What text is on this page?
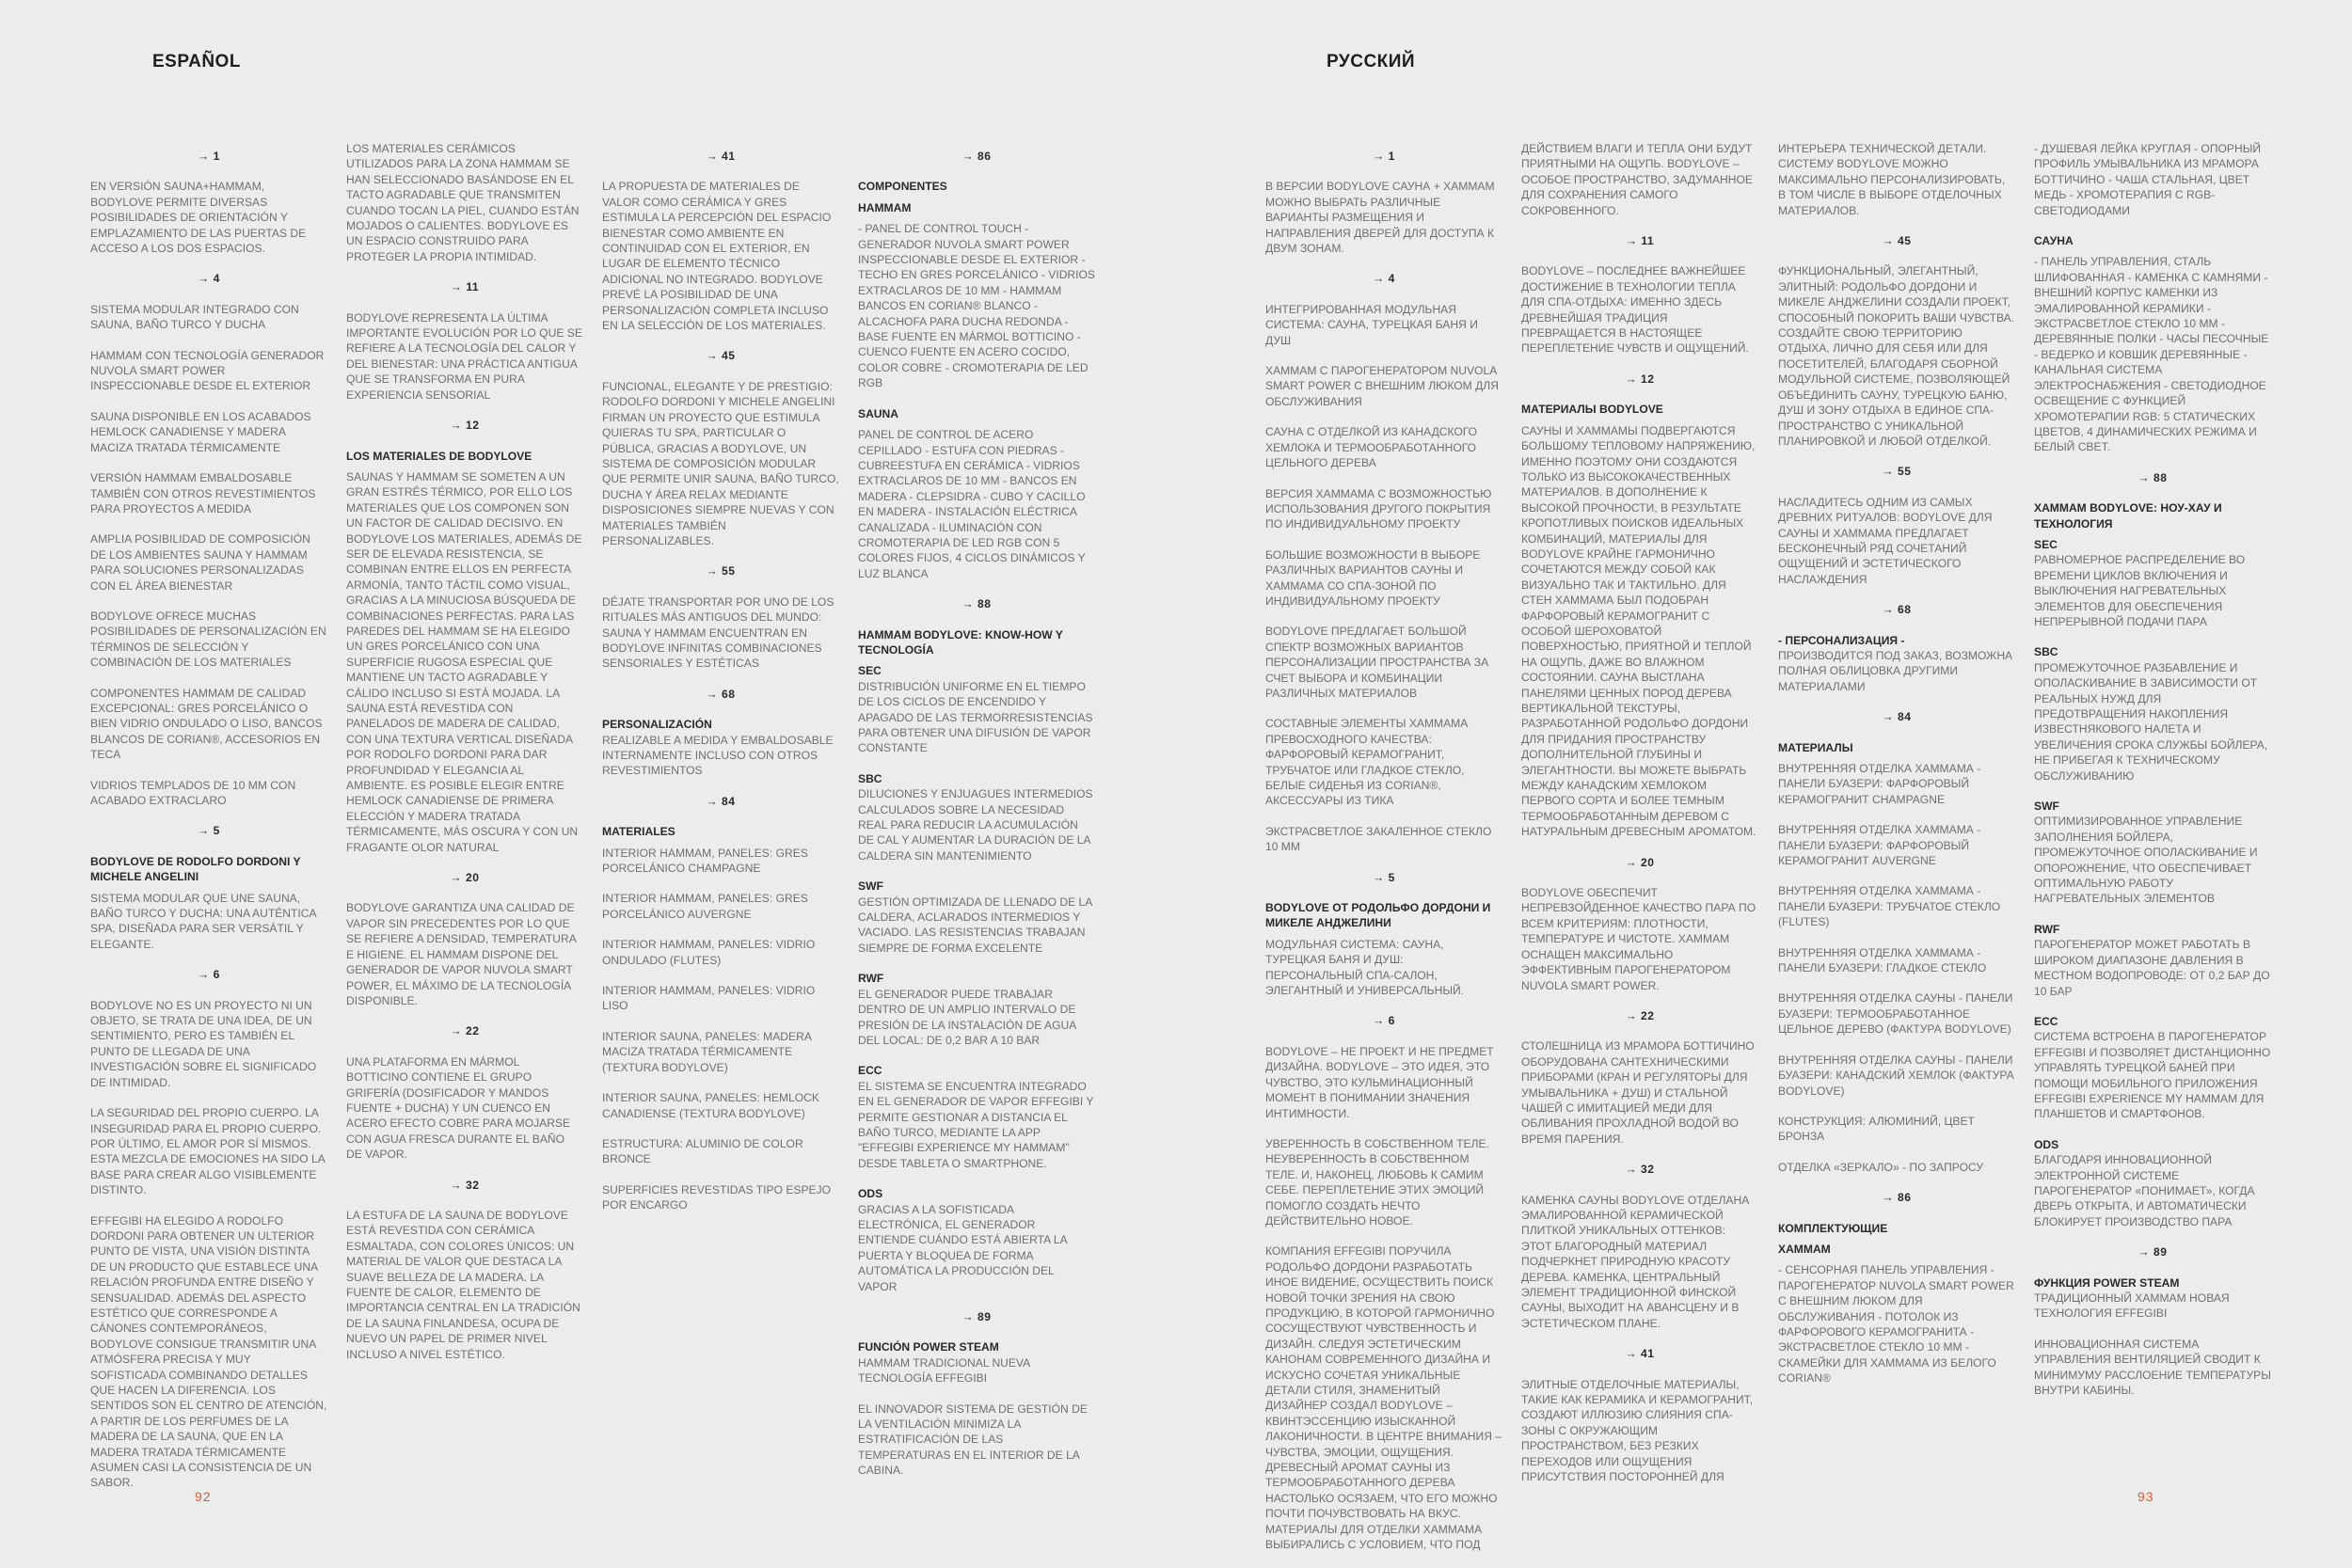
ESPAÑOL
→ 1
EN VERSIÓN SAUNA+HAMMAM, BODYLOVE PERMITE DIVERSAS POSIBILIDADES DE ORIENTACIÓN Y EMPLAZAMIENTO DE LAS PUERTAS DE ACCESO A LOS DOS ESPACIOS.
→ 4
SISTEMA MODULAR INTEGRADO CON SAUNA, BAÑO TURCO Y DUCHA
HAMMAM CON TECNOLOGÍA GENERADOR NUVOLA SMART POWER INSPECCIONABLE DESDE EL EXTERIOR
SAUNA DISPONIBLE EN LOS ACABADOS HEMLOCK CANADIENSE Y MADERA MACIZA TRATADA TÉRMICAMENTE
VERSIÓN HAMMAM EMBALDOSABLE TAMBIÉN CON OTROS REVESTIMIENTOS PARA PROYECTOS A MEDIDA
AMPLIA POSIBILIDAD DE COMPOSICIÓN DE LOS AMBIENTES SAUNA Y HAMMAM PARA SOLUCIONES PERSONALIZADAS CON EL ÁREA BIENESTAR
BODYLOVE OFRECE MUCHAS POSIBILIDADES DE PERSONALIZACIÓN EN TÉRMINOS DE SELECCIÓN Y COMBINACIÓN DE LOS MATERIALES
COMPONENTES HAMMAM DE CALIDAD EXCEPCIONAL: GRES PORCELÁNICO O BIEN VIDRIO ONDULADO O LISO, BANCOS BLANCOS DE CORIAN®, ACCESORIOS EN TECA
VIDRIOS TEMPLADOS DE 10 MM CON ACABADO EXTRACLARO
→ 5
BODYLOVE DE RODOLFO DORDONI Y MICHELE ANGELINI
SISTEMA MODULAR QUE UNE SAUNA, BAÑO TURCO Y DUCHA: UNA AUTÉNTICA SPA, DISEÑADA PARA SER VERSÁTIL Y ELEGANTE.
→ 6
BODYLOVE NO ES UN PROYECTO NI UN OBJETO, SE TRATA DE UNA IDEA, DE UN SENTIMIENTO, PERO ES TAMBIÉN EL PUNTO DE LLEGADA DE UNA INVESTIGACIÓN SOBRE EL SIGNIFICADO DE INTIMIDAD.
LA SEGURIDAD DEL PROPIO CUERPO. LA INSEGURIDAD PARA EL PROPIO CUERPO. POR ÚLTIMO, EL AMOR POR SÍ MISMOS. ESTA MEZCLA DE EMOCIONES HA SIDO LA BASE PARA CREAR ALGO VISIBLEMENTE DISTINTO.
EFFEGIBI HA ELEGIDO A RODOLFO DORDONI PARA OBTENER UN ULTERIOR PUNTO DE VISTA, UNA VISIÓN DISTINTA DE UN PRODUCTO QUE ESTABLECE UNA RELACIÓN PROFUNDA ENTRE DISEÑO Y SENSUALIDAD. ADEMÁS DEL ASPECTO ESTÉTICO QUE CORRESPONDE A CÁNONES CONTEMPORÁNEOS, BODYLOVE CONSIGUE TRANSMITIR UNA ATMÓSFERA PRECISA Y MUY SOFISTICADA COMBINANDO DETALLES QUE HACEN LA DIFERENCIA. LOS SENTIDOS SON EL CENTRO DE ATENCIÓN, A PARTIR DE LOS PERFUMES DE LA MADERA DE LA SAUNA, QUE EN LA MADERA TRATADA TÉRMICAMENTE ASUMEN CASI LA CONSISTENCIA DE UN SABOR.
LOS MATERIALES CERÁMICOS UTILIZADOS PARA LA ZONA HAMMAM SE HAN SELECCIONADO BASÁNDOSE EN EL TACTO AGRADABLE QUE TRANSMITEN CUANDO TOCAN LA PIEL, CUANDO ESTÁN MOJADOS O CALIENTES. BODYLOVE ES UN ESPACIO CONSTRUIDO PARA PROTEGER LA PROPIA INTIMIDAD.
→ 11
BODYLOVE REPRESENTA LA ÚLTIMA IMPORTANTE EVOLUCIÓN POR LO QUE SE REFIERE A LA TECNOLOGÍA DEL CALOR Y DEL BIENESTAR: UNA PRÁCTICA ANTIGUA QUE SE TRANSFORMA EN PURA EXPERIENCIA SENSORIAL
→ 12
LOS MATERIALES DE BODYLOVE
SAUNAS Y HAMMAM SE SOMETEN A UN GRAN ESTRÉS TÉRMICO, POR ELLO LOS MATERIALES QUE LOS COMPONEN SON UN FACTOR DE CALIDAD DECISIVO. EN BODYLOVE LOS MATERIALES, ADEMÁS DE SER DE ELEVADA RESISTENCIA, SE COMBINAN ENTRE ELLOS EN PERFECTA ARMONÍA, TANTO TÁCTIL COMO VISUAL, GRACIAS A LA MINUCIOSA BÚSQUEDA DE COMBINACIONES PERFECTAS. PARA LAS PAREDES DEL HAMMAM SE HA ELEGIDO UN GRES PORCELÁNICO CON UNA SUPERFICIE RUGOSA ESPECIAL QUE MANTIENE UN TACTO AGRADABLE Y CÁLIDO INCLUSO SI ESTÁ MOJADA. LA SAUNA ESTÁ REVESTIDA CON PANELADOS DE MADERA DE CALIDAD, CON UNA TEXTURA VERTICAL DISEÑADA POR RODOLFO DORDONI PARA DAR PROFUNDIDAD Y ELEGANCIA AL AMBIENTE. ES POSIBLE ELEGIR ENTRE HEMLOCK CANADIENSE DE PRIMERA ELECCIÓN Y MADERA TRATADA TÉRMICAMENTE, MÁS OSCURA Y CON UN FRAGANTE OLOR NATURAL
→ 20
BODYLOVE GARANTIZA UNA CALIDAD DE VAPOR SIN PRECEDENTES POR LO QUE SE REFIERE A DENSIDAD, TEMPERATURA E HIGIENE. EL HAMMAM DISPONE DEL GENERADOR DE VAPOR NUVOLA SMART POWER, EL MÁXIMO DE LA TECNOLOGÍA DISPONIBLE.
→ 22
UNA PLATAFORMA EN MÁRMOL BOTTICINO CONTIENE EL GRUPO GRIFERÍA (DOSIFICADOR Y MANDOS FUENTE + DUCHA) Y UN CUENCO EN ACERO EFECTO COBRE PARA MOJARSE CON AGUA FRESCA DURANTE EL BAÑO DE VAPOR.
→ 32
LA ESTUFA DE LA SAUNA DE BODYLOVE ESTÁ REVESTIDA CON CERÁMICA ESMALTADA, CON COLORES ÚNICOS: UN MATERIAL DE VALOR QUE DESTACA LA SUAVE BELLEZA DE LA MADERA. LA FUENTE DE CALOR, ELEMENTO DE IMPORTANCIA CENTRAL EN LA TRADICIÓN DE LA SAUNA FINLANDESA, OCUPA DE NUEVO UN PAPEL DE PRIMER NIVEL INCLUSO A NIVEL ESTÉTICO.
→ 41
LA PROPUESTA DE MATERIALES DE VALOR COMO CERÁMICA Y GRES ESTIMULA LA PERCEPCIÓN DEL ESPACIO BIENESTAR COMO AMBIENTE EN CONTINUIDAD CON EL EXTERIOR, EN LUGAR DE ELEMENTO TÉCNICO ADICIONAL NO INTEGRADO. BODYLOVE PREVÉ LA POSIBILIDAD DE UNA PERSONALIZACIÓN COMPLETA INCLUSO EN LA SELECCIÓN DE LOS MATERIALES.
→ 45
FUNCIONAL, ELEGANTE Y DE PRESTIGIO: RODOLFO DORDONI Y MICHELE ANGELINI FIRMAN UN PROYECTO QUE ESTIMULA QUIERAS TU SPA, PARTICULAR O PÚBLICA, GRACIAS A BODYLOVE, UN SISTEMA DE COMPOSICIÓN MODULAR QUE PERMITE UNIR SAUNA, BAÑO TURCO, DUCHA Y ÁREA RELAX MEDIANTE DISPOSICIONES SIEMPRE NUEVAS Y CON MATERIALES TAMBIÉN PERSONALIZABLES.
→ 55
DÉJATE TRANSPORTAR POR UNO DE LOS RITUALES MÁS ANTIGUOS DEL MUNDO: SAUNA Y HAMMAM ENCUENTRAN EN BODYLOVE INFINITAS COMBINACIONES SENSORIALES Y ESTÉTICAS
→ 68
PERSONALIZACIÓN
REALIZABLE A MEDIDA Y EMBALDOSABLE INTERNAMENTE INCLUSO CON OTROS REVESTIMIENTOS
→ 84
MATERIALES
INTERIOR HAMMAM, PANELES: GRES PORCELÁNICO CHAMPAGNE
INTERIOR HAMMAM, PANELES: GRES PORCELÁNICO AUVERGNE
INTERIOR HAMMAM, PANELES: VIDRIO ONDULADO (FLUTES)
INTERIOR HAMMAM, PANELES: VIDRIO LISO
INTERIOR SAUNA, PANELES: MADERA MACIZA TRATADA TÉRMICAMENTE (TEXTURA BODYLOVE)
INTERIOR SAUNA, PANELES: HEMLOCK CANADIENSE (TEXTURA BODYLOVE)
ESTRUCTURA: ALUMINIO DE COLOR BRONCE
SUPERFICIES REVESTIDAS TIPO ESPEJO POR ENCARGO
→ 86
COMPONENTES
HAMMAM
- PANEL DE CONTROL TOUCH - GENERADOR NUVOLA SMART POWER INSPECCIONABLE DESDE EL EXTERIOR - TECHO EN GRES PORCELÁNICO - VIDRIOS EXTRACLAROS DE 10 MM - HAMMAM BANCOS EN CORIAN® BLANCO - ALCACHOFA PARA DUCHA REDONDA - BASE FUENTE EN MÁRMOL BOTTICINO - CUENCO FUENTE EN ACERO COCIDO, COLOR COBRE - CROMOTERAPIA DE LED RGB
SAUNA
PANEL DE CONTROL DE ACERO CEPILLADO - ESTUFA CON PIEDRAS - CUBREESTUFA EN CERÁMICA - VIDRIOS EXTRACLAROS DE 10 MM - BANCOS EN MADERA - CLEPSIDRA - CUBO Y CACILLO EN MADERA - INSTALACIÓN ELÉCTRICA CANALIZADA - ILUMINACIÓN CON CROMOTERAPIA DE LED RGB CON 5 COLORES FIJOS, 4 CICLOS DINÁMICOS Y LUZ BLANCA
→ 88
HAMMAM BODYLOVE: KNOW-HOW Y TECNOLOGÍA
SEC
DISTRIBUCIÓN UNIFORME EN EL TIEMPO DE LOS CICLOS DE ENCENDIDO Y APAGADO DE LAS TERMORRESISTENCIAS PARA OBTENER UNA DIFUSIÓN DE VAPOR CONSTANTE
SBC
DILUCIONES Y ENJUAGUES INTERMEDIOS CALCULADOS SOBRE LA NECESIDAD REAL PARA REDUCIR LA ACUMULACIÓN DE CAL Y AUMENTAR LA DURACIÓN DE LA CALDERA SIN MANTENIMIENTO
SWF
GESTIÓN OPTIMIZADA DE LLENADO DE LA CALDERA, ACLARADOS INTERMEDIOS Y VACIADO. LAS RESISTENCIAS TRABAJAN SIEMPRE DE FORMA EXCELENTE
RWF
EL GENERADOR PUEDE TRABAJAR DENTRO DE UN AMPLIO INTERVALO DE PRESIÓN DE LA INSTALACIÓN DE AGUA DEL LOCAL: DE 0,2 BAR A 10 BAR
ECC
EL SISTEMA SE ENCUENTRA INTEGRADO EN EL GENERADOR DE VAPOR EFFEGIBI Y PERMITE GESTIONAR A DISTANCIA EL BAÑO TURCO, MEDIANTE LA APP "EFFEGIBI EXPERIENCE MY HAMMAM" DESDE TABLETA O SMARTPHONE.
ODS
GRACIAS A LA SOFISTICADA ELECTRÓNICA, EL GENERADOR ENTIENDE CUÁNDO ESTÁ ABIERTA LA PUERTA Y BLOQUEA DE FORMA AUTOMÁTICA LA PRODUCCIÓN DEL VAPOR
→ 89
FUNCIÓN POWER STEAM
HAMMAM TRADICIONAL NUEVA TECNOLOGÍA EFFEGIBI
EL INNOVADOR SISTEMA DE GESTIÓN DE LA VENTILACIÓN MINIMIZA LA ESTRATIFICACIÓN DE LAS TEMPERATURAS EN EL INTERIOR DE LA CABINA.
92
РУССКИЙ
→ 1
В ВЕРСИИ BODYLOVE САУНА + ХАММАМ МОЖНО ВЫБРАТЬ РАЗЛИЧНЫЕ ВАРИАНТЫ РАЗМЕЩЕНИЯ И НАПРАВЛЕНИЯ ДВЕРЕЙ ДЛЯ ДОСТУПА К ДВУМ ЗОНАМ.
→ 4
ИНТЕГРИРОВАННАЯ МОДУЛЬНАЯ СИСТЕМА: САУНА, ТУРЕЦКАЯ БАНЯ И ДУШ
ХАММАМ С ПАРОГЕНЕРАТОРОМ NUVOLA SMART POWER С ВНЕШНИМ ЛЮКОМ ДЛЯ ОБСЛУЖИВАНИЯ
САУНА С ОТДЕЛКОЙ ИЗ КАНАДСКОГО ХЕМЛОКА И ТЕРМООБРАБОТАННОГО ЦЕЛЬНОГО ДЕРЕВА
ВЕРСИЯ ХАММАМА С ВОЗМОЖНОСТЬЮ ИСПОЛЬЗОВАНИЯ ДРУГОГО ПОКРЫТИЯ ПО ИНДИВИДУАЛЬНОМУ ПРОЕКТУ
БОЛЬШИЕ ВОЗМОЖНОСТИ В ВЫБОРЕ РАЗЛИЧНЫХ ВАРИАНТОВ САУНЫ И ХАММАМА СО СПА-ЗОНОЙ ПО ИНДИВИДУАЛЬНОМУ ПРОЕКТУ
BODYLOVE ПРЕДЛАГАЕТ БОЛЬШОЙ СПЕКТР ВОЗМОЖНЫХ ВАРИАНТОВ ПЕРСОНАЛИЗАЦИИ ПРОСТРАНСТВА ЗА СЧЕТ ВЫБОРА И КОМБИНАЦИИ РАЗЛИЧНЫХ МАТЕРИАЛОВ
СОСТАВНЫЕ ЭЛЕМЕНТЫ ХАММАМА ПРЕВОСХОДНОГО КАЧЕСТВА: ФАРФОРОВЫЙ КЕРАМОГРАНИТ, ТРУБЧАТОЕ ИЛИ ГЛАДКОЕ СТЕКЛО, БЕЛЫЕ СИДЕНЬЯ ИЗ CORIAN®, АКСЕССУАРЫ ИЗ ТИКА
ЭКСТРАСВЕТЛОЕ ЗАКАЛЕННОЕ СТЕКЛО 10 ММ
→ 5
BODYLOVE ОТ РОДОЛЬФО ДОРДОНИ И МИКЕЛЕ АНДЖЕЛИНИ
МОДУЛЬНАЯ СИСТЕМА: САУНА, ТУРЕЦКАЯ БАНЯ И ДУШ: ПЕРСОНАЛЬНЫЙ СПА-САЛОН, ЭЛЕГАНТНЫЙ И УНИВЕРСАЛЬНЫЙ.
→ 6
BODYLOVE – НЕ ПРОЕКТ И НЕ ПРЕДМЕТ ДИЗАЙНА. BODYLOVE – ЭТО ИДЕЯ, ЭТО ЧУВСТВО, ЭТО КУЛЬМИНАЦИОННЫЙ МОМЕНТ В ПОНИМАНИИ ЗНАЧЕНИЯ ИНТИМНОСТИ.
УВЕРЕННОСТЬ В СОБСТВЕННОМ ТЕЛЕ. НЕУВЕРЕННОСТЬ В СОБСТВЕННОМ ТЕЛЕ. И, НАКОНЕЦ, ЛЮБОВЬ К САМИМ СЕБЕ. ПЕРЕПЛЕТЕНИЕ ЭТИХ ЭМОЦИЙ ПОМОГЛО СОЗДАТЬ НЕЧТО ДЕЙСТВИТЕЛЬНО НОВОЕ.
КОМПАНИЯ EFFEGIBI ПОРУЧИЛА РОДОЛЬФО ДОРДОНИ РАЗРАБОТАТЬ ИНОЕ ВИДЕНИЕ, ОСУЩЕСТВИТЬ ПОИСК НОВОЙ ТОЧКИ ЗРЕНИЯ НА СВОЮ ПРОДУКЦИЮ, В КОТОРОЙ ГАРМОНИЧНО СОСУЩЕСТВУЮТ ЧУВСТВЕННОСТЬ И ДИЗАЙН. СЛЕДУЯ ЭСТЕТИЧЕСКИМ КАНОНАМ СОВРЕМЕННОГО ДИЗАЙНА И ИСКУСНО СОЧЕТАЯ УНИКАЛЬНЫЕ ДЕТАЛИ СТИЛЯ, ЗНАМЕНИТЫЙ ДИЗАЙНЕР СОЗДАЛ BODYLOVE – КВИНТЭССЕНЦИЮ ИЗЫСКАННОЙ ЛАКОНИЧНОСТИ. В ЦЕНТРЕ ВНИМАНИЯ – ЧУВСТВА, ЭМОЦИИ, ОЩУЩЕНИЯ. ДРЕВЕСНЫЙ АРОМАТ САУНЫ ИЗ ТЕРМООБРАБОТАННОГО ДЕРЕВА НАСТОЛЬКО ОСЯЗАЕМ, ЧТО ЕГО МОЖНО ПОЧТИ ПОЧУВСТВОВАТЬ НА ВКУС. МАТЕРИАЛЫ ДЛЯ ОТДЕЛКИ ХАММАМА ВЫБИРАЛИСЬ С УСЛОВИЕМ, ЧТО ПОД
ДЕЙСТВИЕМ ВЛАГИ И ТЕПЛА ОНИ БУДУТ ПРИЯТНЫМИ НА ОЩУПЬ. BODYLOVE – ОСОБОЕ ПРОСТРАНСТВО, ЗАДУМАННОЕ ДЛЯ СОХРАНЕНИЯ САМОГО СОКРОВЕННОГО.
→ 11
BODYLOVE – ПОСЛЕДНЕЕ ВАЖНЕЙШЕЕ ДОСТИЖЕНИЕ В ТЕХНОЛОГИИ ТЕПЛА ДЛЯ СПА-ОТДЫХА: ИМЕННО ЗДЕСЬ ДРЕВНЕЙШАЯ ТРАДИЦИЯ ПРЕВРАЩАЕТСЯ В НАСТОЯЩЕЕ ПЕРЕПЛЕТЕНИЕ ЧУВСТВ И ОЩУЩЕНИЙ.
→ 12
МАТЕРИАЛЫ BODYLOVE
САУНЫ И ХАММАМЫ ПОДВЕРГАЮТСЯ БОЛЬШОМУ ТЕПЛОВОМУ НАПРЯЖЕНИЮ, ИМЕННО ПОЭТОМУ ОНИ СОЗДАЮТСЯ ТОЛЬКО ИЗ ВЫСОКОКАЧЕСТВЕННЫХ МАТЕРИАЛОВ. В ДОПОЛНЕНИЕ К ВЫСОКОЙ ПРОЧНОСТИ, В РЕЗУЛЬТАТЕ КРОПОТЛИВЫХ ПОИСКОВ ИДЕАЛЬНЫХ КОМБИНАЦИЙ, МАТЕРИАЛЫ ДЛЯ BODYLOVE КРАЙНЕ ГАРМОНИЧНО СОЧЕТАЮТСЯ МЕЖДУ СОБОЙ КАК ВИЗУАЛЬНО ТАК И ТАКТИЛЬНО. ДЛЯ СТЕН ХАММАМА БЫЛ ПОДОБРАН ФАРФОРОВЫЙ КЕРАМОГРАНИТ С ОСОБОЙ ШЕРОХОВАТОЙ ПОВЕРХНОСТЬЮ, ПРИЯТНОЙ И ТЕПЛОЙ НА ОЩУПЬ, ДАЖЕ ВО ВЛАЖНОМ СОСТОЯНИИ. САУНА ВЫСТЛАНА ПАНЕЛЯМИ ЦЕННЫХ ПОРОД ДЕРЕВА ВЕРТИКАЛЬНОЙ ТЕКСТУРЫ, РАЗРАБОТАННОЙ РОДОЛЬФО ДОРДОНИ ДЛЯ ПРИДАНИЯ ПРОСТРАНСТВУ ДОПОЛНИТЕЛЬНОЙ ГЛУБИНЫ И ЭЛЕГАНТНОСТИ. ВЫ МОЖЕТЕ ВЫБРАТЬ МЕЖДУ КАНАДСКИМ ХЕМЛОКОМ ПЕРВОГО СОРТА И БОЛЕЕ ТЕМНЫМ ТЕРМООБРАБОТАННЫМ ДЕРЕВОМ С НАТУРАЛЬНЫМ ДРЕВЕСНЫМ АРОМАТОМ.
→ 20
BODYLOVE ОБЕСПЕЧИТ НЕПРЕВЗОЙДЕННОЕ КАЧЕСТВО ПАРА ПО ВСЕМ КРИТЕРИЯМ: ПЛОТНОСТИ, ТЕМПЕРАТУРЕ И ЧИСТОТЕ. ХАММАМ ОСНАЩЕН МАКСИМАЛЬНО ЭФФЕКТИВНЫМ ПАРОГЕНЕРАТОРОМ NUVOLA SMART POWER.
→ 22
СТОЛЕШНИЦА ИЗ МРАМОРА БОТТИЧИНО ОБОРУДОВАНА САНТЕХНИЧЕСКИМИ ПРИБОРАМИ (КРАН И РЕГУЛЯТОРЫ ДЛЯ УМЫВАЛЬНИКА + ДУШ) И СТАЛЬНОЙ ЧАШЕЙ С ИМИТАЦИЕЙ МЕДИ ДЛЯ ОБЛИВАНИЯ ПРОХЛАДНОЙ ВОДОЙ ВО ВРЕМЯ ПАРЕНИЯ.
→ 32
КАМЕНКА САУНЫ BODYLOVE ОТДЕЛАНА ЭМАЛИРОВАННОЙ КЕРАМИЧЕСКОЙ ПЛИТКОЙ УНИКАЛЬНЫХ ОТТЕНКОВ: ЭТОТ БЛАГОРОДНЫЙ МАТЕРИАЛ ПОДЧЕРКНЕТ ПРИРОДНУЮ КРАСОТУ ДЕРЕВА. КАМЕНКА, ЦЕНТРАЛЬНЫЙ ЭЛЕМЕНТ ТРАДИЦИОННОЙ ФИНСКОЙ САУНЫ, ВЫХОДИТ НА АВАНСЦЕНУ И В ЭСТЕТИЧЕСКОМ ПЛАНЕ.
→ 41
ЭЛИТНЫЕ ОТДЕЛОЧНЫЕ МАТЕРИАЛЫ, ТАКИЕ КАК КЕРАМИКА И КЕРАМОГРАНИТ, СОЗДАЮТ ИЛЛЮЗИЮ СЛИЯНИЯ СПА-ЗОНЫ С ОКРУЖАЮЩИМ ПРОСТРАНСТВОМ, БЕЗ РЕЗКИХ ПЕРЕХОДОВ ИЛИ ОЩУЩЕНИЯ ПРИСУТСТВИЯ ПОСТОРОННЕЙ ДЛЯ
ИНТЕРЬЕРА ТЕХНИЧЕСКОЙ ДЕТАЛИ. СИСТЕМУ BODYLOVE МОЖНО МАКСИМАЛЬНО ПЕРСОНАЛИЗИРОВАТЬ, В ТОМ ЧИСЛЕ В ВЫБОРЕ ОТДЕЛОЧНЫХ МАТЕРИАЛОВ.
→ 45
ФУНКЦИОНАЛЬНЫЙ, ЭЛЕГАНТНЫЙ, ЭЛИТНЫЙ: РОДОЛЬФО ДОРДОНИ И МИКЕЛЕ АНДЖЕЛИНИ СОЗДАЛИ ПРОЕКТ, СПОСОБНЫЙ ПОКОРИТЬ ВАШИ ЧУВСТВА. СОЗДАЙТЕ СВОЮ ТЕРРИТОРИЮ ОТДЫХА, ЛИЧНО ДЛЯ СЕБЯ ИЛИ ДЛЯ ПОСЕТИТЕЛЕЙ, БЛАГОДАРЯ СБОРНОЙ МОДУЛЬНОЙ СИСТЕМЕ, ПОЗВОЛЯЮЩЕЙ ОБЪЕДИНИТЬ САУНУ, ТУРЕЦКУЮ БАНЮ, ДУШ И ЗОНУ ОТДЫХА В ЕДИНОЕ СПА-ПРОСТРАНСТВО С УНИКАЛЬНОЙ ПЛАНИРОВКОЙ И ЛЮБОЙ ОТДЕЛКОЙ.
→ 55
НАСЛАДИТЕСЬ ОДНИМ ИЗ САМЫХ ДРЕВНИХ РИТУАЛОВ: BODYLOVE ДЛЯ САУНЫ И ХАММАМА ПРЕДЛАГАЕТ БЕСКОНЕЧНЫЙ РЯД СОЧЕТАНИЙ ОЩУЩЕНИЙ И ЭСТЕТИЧЕСКОГО НАСЛАЖДЕНИЯ
→ 68
- ПЕРСОНАЛИЗАЦИЯ -
ПРОИЗВОДИТСЯ ПОД ЗАКАЗ, ВОЗМОЖНА ПОЛНАЯ ОБЛИЦОВКА ДРУГИМИ МАТЕРИАЛАМИ
→ 84
МАТЕРИАЛЫ
ВНУТРЕННЯЯ ОТДЕЛКА ХАММАМА - ПАНЕЛИ БУАЗЕРИ: ФАРФОРОВЫЙ КЕРАМОГРАНИТ CHAMPAGNE
ВНУТРЕННЯЯ ОТДЕЛКА ХАММАМА - ПАНЕЛИ БУАЗЕРИ: ФАРФОРОВЫЙ КЕРАМОГРАНИТ AUVERGNE
ВНУТРЕННЯЯ ОТДЕЛКА ХАММАМА - ПАНЕЛИ БУАЗЕРИ: ТРУБЧАТОЕ СТЕКЛО (FLUTES)
ВНУТРЕННЯЯ ОТДЕЛКА ХАММАМА - ПАНЕЛИ БУАЗЕРИ: ГЛАДКОЕ СТЕКЛО
ВНУТРЕННЯЯ ОТДЕЛКА САУНЫ - ПАНЕЛИ БУАЗЕРИ: ТЕРМООБРАБОТАННОЕ ЦЕЛЬНОЕ ДЕРЕВО (ФАКТУРА BODYLOVE)
ВНУТРЕННЯЯ ОТДЕЛКА САУНЫ - ПАНЕЛИ БУАЗЕРИ: КАНАДСКИЙ ХЕМЛОК (ФАКТУРА BODYLOVE)
КОНСТРУКЦИЯ: АЛЮМИНИЙ, ЦВЕТ БРОНЗА
ОТДЕЛКА «ЗЕРКАЛО» - ПО ЗАПРОСУ
→ 86
КОМПЛЕКТУЮЩИЕ
ХАММАМ
- СЕНСОРНАЯ ПАНЕЛЬ УПРАВЛЕНИЯ - ПАРОГЕНЕРАТОР NUVOLA SMART POWER С ВНЕШНИМ ЛЮКОМ ДЛЯ ОБСЛУЖИВАНИЯ - ПОТОЛОК ИЗ ФАРФОРОВОГО КЕРАМОГРАНИТА - ЭКСТРАСВЕТЛОЕ СТЕКЛО 10 ММ - СКАМЕЙКИ ДЛЯ ХАММАМА ИЗ БЕЛОГО CORIAN®
- ДУШЕВАЯ ЛЕЙКА КРУГЛАЯ - ОПОРНЫЙ ПРОФИЛЬ УМЫВАЛЬНИКА ИЗ МРАМОРА БОТТИЧИНО - ЧАША СТАЛЬНАЯ, ЦВЕТ МЕДЬ - ХРОМОТЕРАПИЯ С RGB-СВЕТОДИОДАМИ
САУНА
- ПАНЕЛЬ УПРАВЛЕНИЯ, СТАЛЬ ШЛИФОВАННАЯ - КАМЕНКА С КАМНЯМИ - ВНЕШНИЙ КОРПУС КАМЕНКИ ИЗ ЭМАЛИРОВАННОЙ КЕРАМИКИ - ЭКСТРАСВЕТЛОЕ СТЕКЛО 10 ММ - ДЕРЕВЯННЫЕ ПОЛКИ - ЧАСЫ ПЕСОЧНЫЕ - ВЕДЕРКО И КОВШИК ДЕРЕВЯННЫЕ - КАНАЛЬНАЯ СИСТЕМА ЭЛЕКТРОСНАБЖЕНИЯ - СВЕТОДИОДНОЕ ОСВЕЩЕНИЕ С ФУНКЦИЕЙ ХРОМОТЕРАПИИ RGB: 5 СТАТИЧЕСКИХ ЦВЕТОВ, 4 ДИНАМИЧЕСКИХ РЕЖИМА И БЕЛЫЙ СВЕТ.
→ 88
ХАММАМ BODYLOVE: НОУ-ХАУ И ТЕХНОЛОГИЯ
SEC
РАВНОМЕРНОЕ РАСПРЕДЕЛЕНИЕ ВО ВРЕМЕНИ ЦИКЛОВ ВКЛЮЧЕНИЯ И ВЫКЛЮЧЕНИЯ НАГРЕВАТЕЛЬНЫХ ЭЛЕМЕНТОВ ДЛЯ ОБЕСПЕЧЕНИЯ НЕПРЕРЫВНОЙ ПОДАЧИ ПАРА
SBC
ПРОМЕЖУТОЧНОЕ РАЗБАВЛЕНИЕ И ОПОЛАСКИВАНИЕ В ЗАВИСИМОСТИ ОТ РЕАЛЬНЫХ НУЖД ДЛЯ ПРЕДОТВРАЩЕНИЯ НАКОПЛЕНИЯ ИЗВЕСТНЯКОВОГО НАЛЕТА И УВЕЛИЧЕНИЯ СРОКА СЛУЖБЫ БОЙЛЕРА, НЕ ПРИБЕГАЯ К ТЕХНИЧЕСКОМУ ОБСЛУЖИВАНИЮ
SWF
ОПТИМИЗИРОВАННОЕ УПРАВЛЕНИЕ ЗАПОЛНЕНИЯ БОЙЛЕРА, ПРОМЕЖУТОЧНОЕ ОПОЛАСКИВАНИЕ И ОПОРОЖНЕНИЕ, ЧТО ОБЕСПЕЧИВАЕТ ОПТИМАЛЬНУЮ РАБОТУ НАГРЕВАТЕЛЬНЫХ ЭЛЕМЕНТОВ
RWF
ПАРОГЕНЕРАТОР МОЖЕТ РАБОТАТЬ В ШИРОКОМ ДИАПАЗОНЕ ДАВЛЕНИЯ В МЕСТНОМ ВОДОПРОВОДЕ: ОТ 0,2 БАР ДО 10 БАР
ECC
СИСТЕМА ВСТРОЕНА В ПАРОГЕНЕРАТОР EFFEGIBI И ПОЗВОЛЯЕТ ДИСТАНЦИОННО УПРАВЛЯТЬ ТУРЕЦКОЙ БАНЕЙ ПРИ ПОМОЩИ МОБИЛЬНОГО ПРИЛОЖЕНИЯ EFFEGIBI EXPERIENCE MY HAMMAM ДЛЯ ПЛАНШЕТОВ И СМАРТФОНОВ.
ODS
БЛАГОДАРЯ ИННОВАЦИОННОЙ ЭЛЕКТРОННОЙ СИСТЕМЕ ПАРОГЕНЕРАТОР «ПОНИМАЕТ», КОГДА ДВЕРЬ ОТКРЫТА, И АВТОМАТИЧЕСКИ БЛОКИРУЕТ ПРОИЗВОДСТВО ПАРА
→ 89
ФУНКЦИЯ POWER STEAM
ТРАДИЦИОННЫЙ ХАММАМ НОВАЯ ТЕХНОЛОГИЯ EFFEGIBI
ИННОВАЦИОННАЯ СИСТЕМА УПРАВЛЕНИЯ ВЕНТИЛЯЦИЕЙ СВОДИТ К МИНИМУМУ РАССЛОЕНИЕ ТЕМПЕРАТУРЫ ВНУТРИ КАБИНЫ.
93
